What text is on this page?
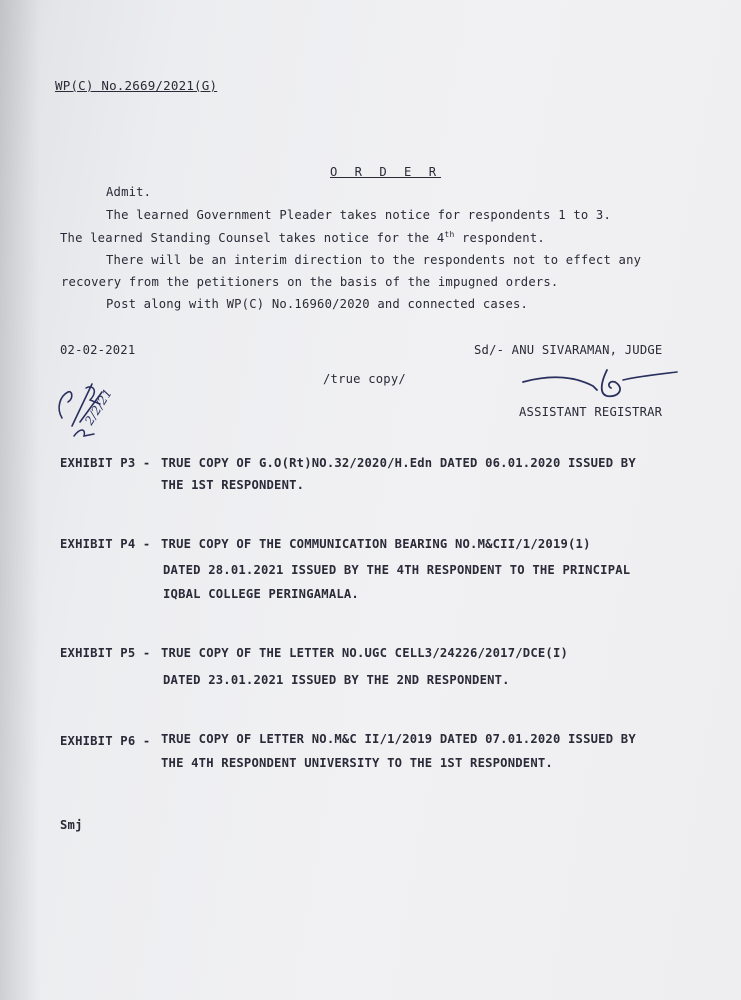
WP(C) No.2669/2021(G)
O R D E R
Admit.
The learned Government Pleader takes notice for respondents 1 to 3.
The learned Standing Counsel takes notice for the 4th respondent.
There will be an interim direction to the respondents not to effect any
recovery from the petitioners on the basis of the impugned orders.
Post along with WP(C) No.16960/2020 and connected cases.
02-02-2021	Sd/- ANU SIVARAMAN, JUDGE
/true copy/
ASSISTANT REGISTRAR
2/2/21
EXHIBIT P3 - TRUE COPY OF G.O(Rt)NO.32/2020/H.Edn DATED 06.01.2020 ISSUED BY
THE 1ST RESPONDENT.
EXHIBIT P4 - TRUE COPY OF THE COMMUNICATION BEARING NO.M&CII/1/2019(1)
DATED 28.01.2021 ISSUED BY THE 4TH RESPONDENT TO THE PRINCIPAL
IQBAL COLLEGE PERINGAMALA.
EXHIBIT P5 - TRUE COPY OF THE LETTER NO.UGC CELL3/24226/2017/DCE(I)
DATED 23.01.2021 ISSUED BY THE 2ND RESPONDENT.
EXHIBIT P6 - TRUE COPY OF LETTER NO.M&C II/1/2019 DATED 07.01.2020 ISSUED BY
THE 4TH RESPONDENT UNIVERSITY TO THE 1ST RESPONDENT.
Smj
